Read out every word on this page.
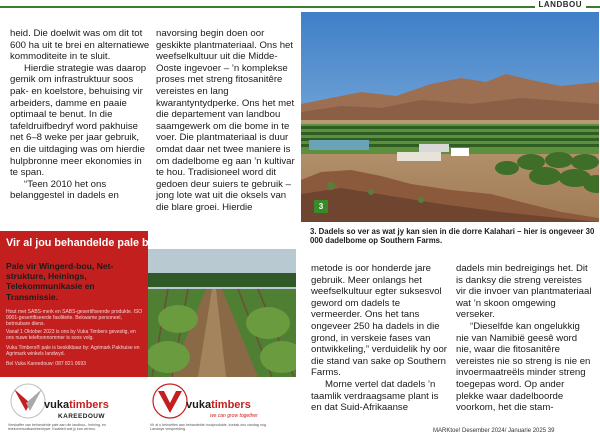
LANDBOU

heid. Die doelwit was om dit tot 600 ha uit te brei en alternatiewe kommoditeite in te sluit.

Hierdie strategie was daarop gemik om infrastruktuur soos pak- en koelstore, behuising vir arbeiders, damme en paaie optimaal te benut. In die tafeldruifbedryf word pakhuise net 6–8 weke per jaar gebruik, en die uitdaging was om hierdie hulpbronne meer ekonomies in te span.

“Teen 2010 het ons belanggestel in dadels en

navorsing begin doen oor geskikte plantmateriaal. Ons het weefselkultuur uit die Midde-Ooste ingevoer – ’n komplekse proses met streng fitosanitêre vereistes en lang kwarantyntydperke. Ons het met die departement van landbou saamgewerk om die bome in te voer. Die plantmateriaal is duur omdat daar net twee maniere is om dadelbome eg aan ’n kultivar te hou. Tradisioneel word dit gedoen deur suiers te gebruik – jong lote wat uit die oksels van die blare groei. Hierdie	3
3. Dadels so ver as wat jy kan sien in die dorre Kalahari – hier is ongeveer 30 000 dadelbome op Southern Farms.
Vir al jou behandelde pale behoeftes
Pale vir Wingerd-bou, Net-strukture, Heinings, Telekommunikasie en Transmissie.
Hout met SABS-merk en SABS-gesertifiseerde produkte. ISO 9001-gesertifiseerde fasiliteite. Bekwame personeel, betroubare diens.
Vanaf 1 Oktober 2023 is ons by Vuka Timbers gevestig, en ons nuwe telefoonnommer is soos volg.
Vuka Timbers® pale is beskikbaar by: Agrimark Pakhuise en Agrimark winkels landwyd.
Bel Vuka Kareedouw: 087 821 0693
vukatimbers
KAREEDOUW
Verskaffer van behandelde pale aan die landbou-, heining- en telekommunikasiebedrywe. Kwaliteit wat jy kan vertrou.
vukatimbers
we can grow together
Vir al u behoeftes aan behandelde houtprodukte, kontak ons vandag nog. Landwye verspreiding.

metode is oor honderde jare gebruik. Meer onlangs het weefselkultuur egter suksesvol geword om dadels te vermeerder. Ons het tans ongeveer 250 ha dadels in die grond, in verskeie fases van ontwikkeling,” verduidelik hy oor die stand van sake op Southern Farms.

Morne vertel dat dadels ’n taamlik verdraagsame plant is en dat Suid-Afrikaanse

dadels min bedreigings het. Dit is danksy die streng vereistes vir die invoer van plantmateriaal wat ’n skoon omgewing verseker.

“Dieselfde kan ongelukkig nie van Namibië geesê word nie, waar die fitosanitêre vereistes nie so streng is nie en invoermaatreëls minder streng toegepas word. Op ander plekke waar dadelboorde voorkom, het die stam-

MARKtoe! Desember 2024/ Januarie 2025 39
